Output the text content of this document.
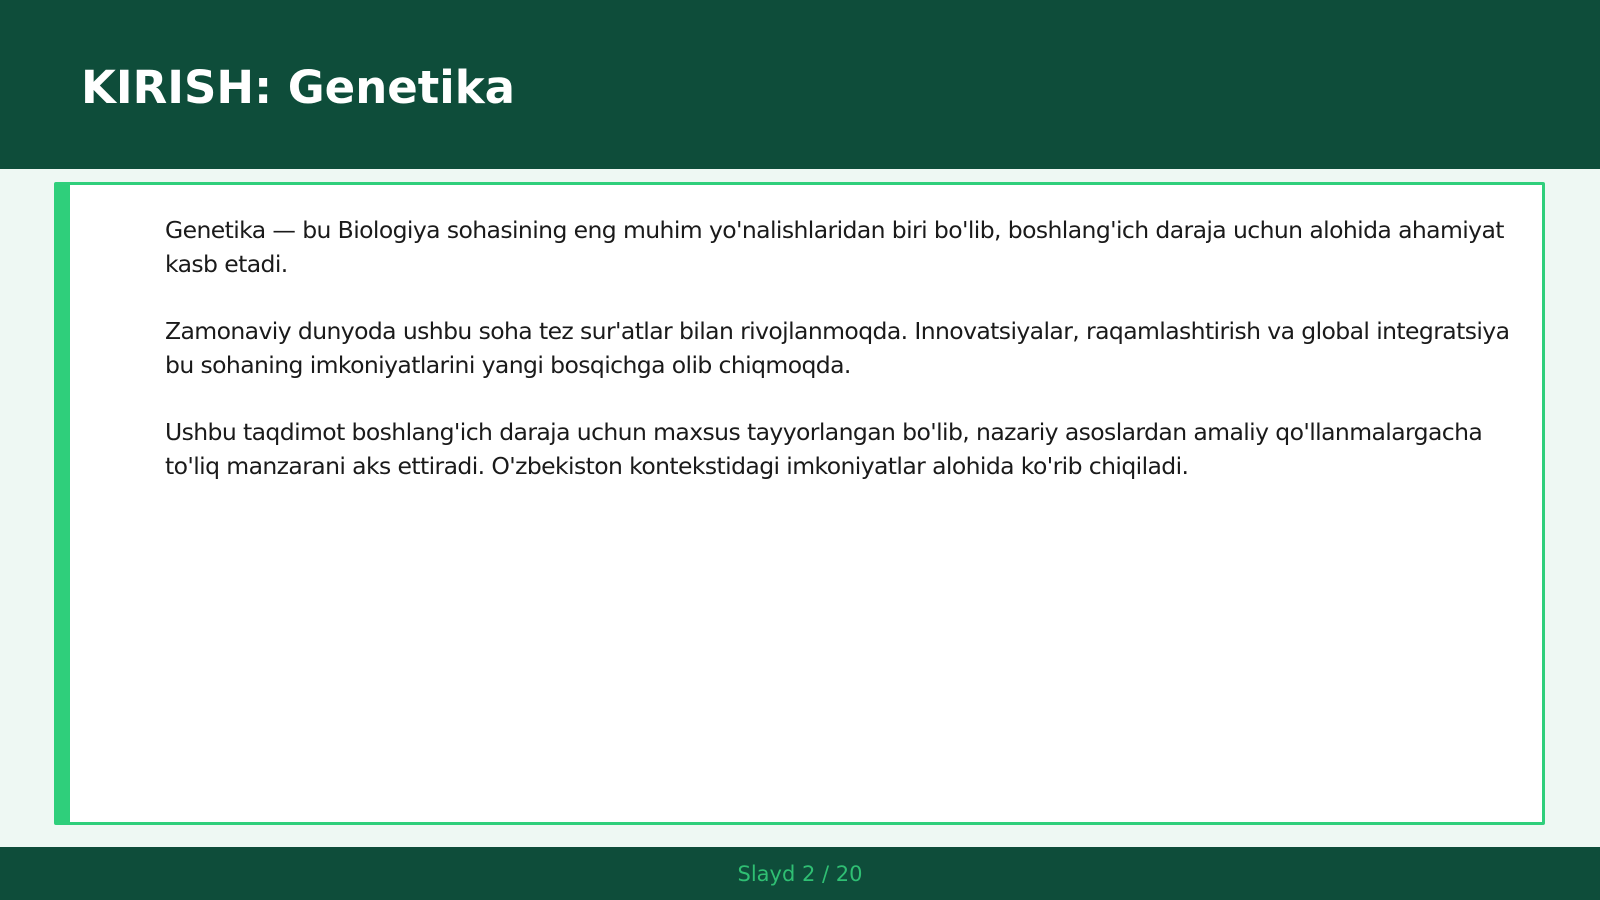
KIRISH: Genetika

Genetika — bu Biologiya sohasining eng muhim yo'nalishlaridan biri bo'lib, boshlang'ich daraja uchun alohida ahamiyat kasb etadi.

Zamonaviy dunyoda ushbu soha tez sur'atlar bilan rivojlanmoqda. Innovatsiyalar, raqamlashtirish va global integratsiya bu sohaning imkoniyatlarini yangi bosqichga olib chiqmoqda.

Ushbu taqdimot boshlang'ich daraja uchun maxsus tayyorlangan bo'lib, nazariy asoslardan amaliy qo'llanmalargacha to'liq manzarani aks ettiradi. O'zbekiston kontekstidagi imkoniyatlar alohida ko'rib chiqiladi.

Slayd 2 / 20
